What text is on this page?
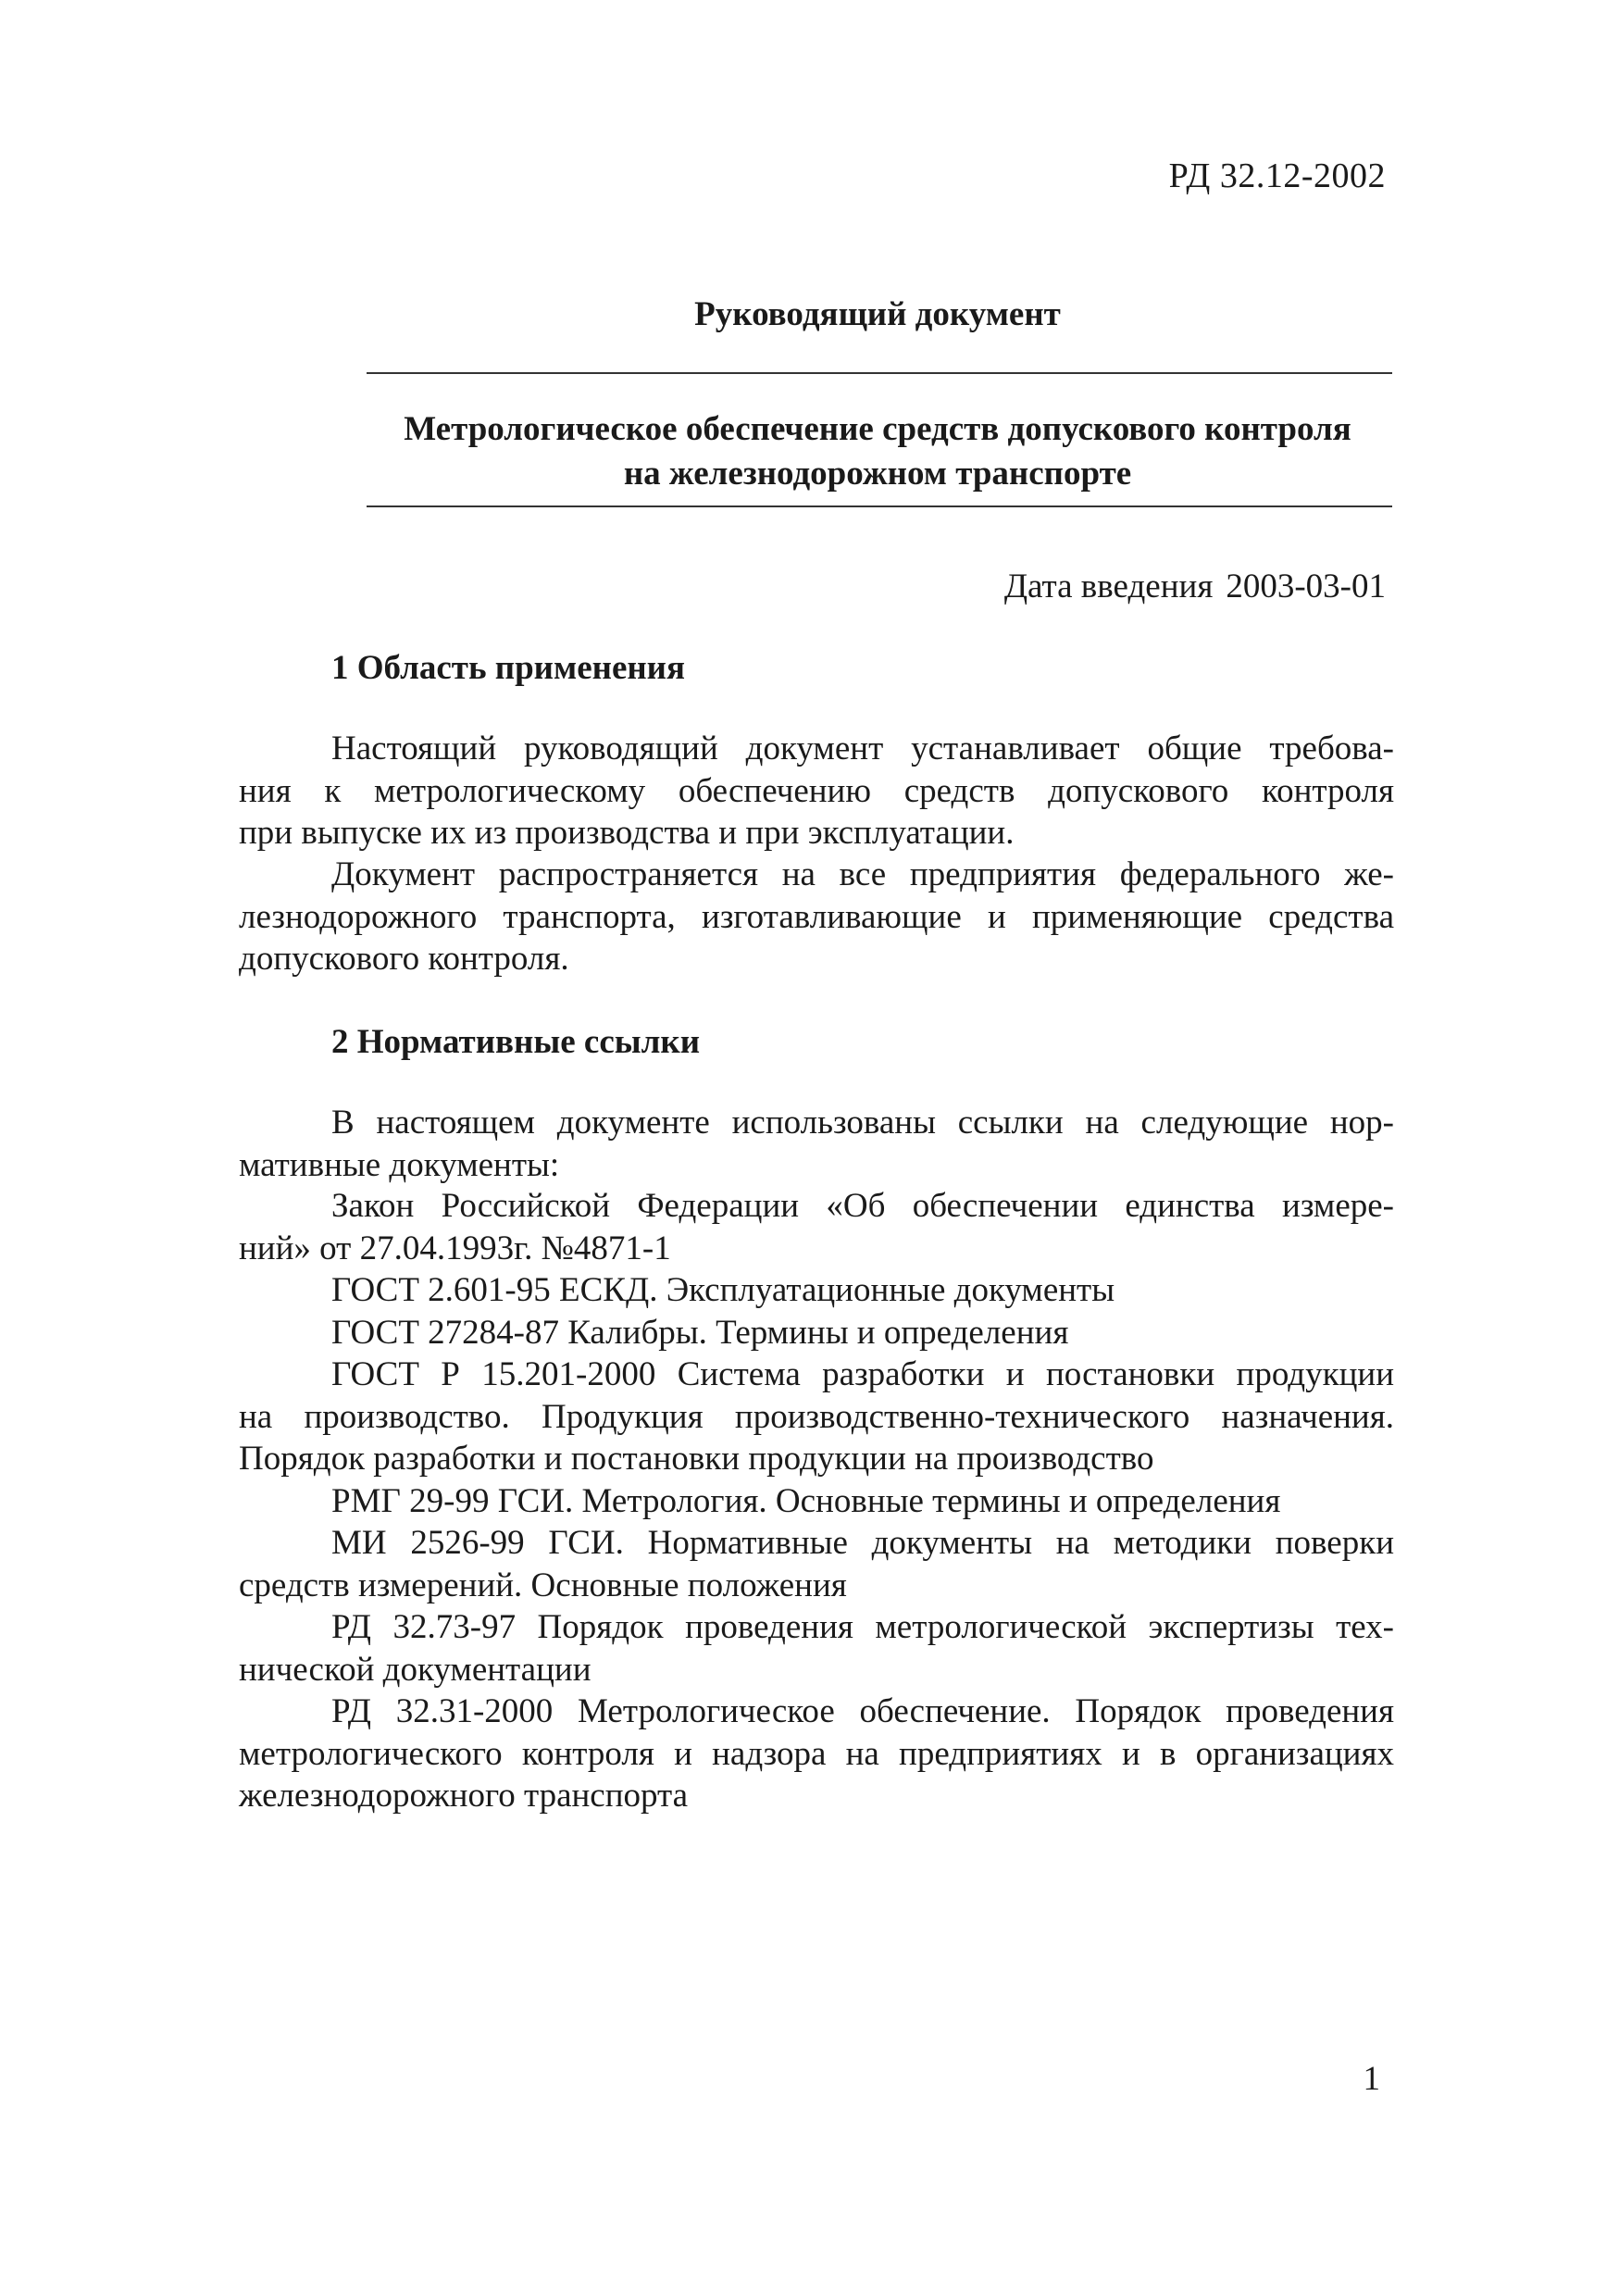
РД 32.12-2002
Руководящий документ
Метрологическое обеспечение средств допускового контроля
на железнодорожном транспорте
Дата введения 2003-03-01
1 Область применения
Настоящий руководящий документ устанавливает общие требова-
ния к метрологическому обеспечению средств допускового контроля
при выпуске их из производства и при эксплуатации.
Документ распространяется на все предприятия федерального же-
лезнодорожного транспорта, изготавливающие и применяющие средства
допускового контроля.
2 Нормативные ссылки
В настоящем документе использованы ссылки на следующие нор-
мативные документы:
Закон Российской Федерации «Об обеспечении единства измере-
ний» от 27.04.1993г. №4871-1
ГОСТ 2.601-95 ЕСКД. Эксплуатационные документы
ГОСТ 27284-87 Калибры. Термины и определения
ГОСТ Р 15.201-2000 Система разработки и постановки продукции
на производство. Продукция производственно-технического назначения.
Порядок разработки и постановки продукции на производство
РМГ 29-99 ГСИ. Метрология. Основные термины и определения
МИ 2526-99 ГСИ. Нормативные документы на методики поверки
средств измерений. Основные положения
РД 32.73-97 Порядок проведения метрологической экспертизы тех-
нической документации
РД 32.31-2000 Метрологическое обеспечение. Порядок проведения
метрологического контроля и надзора на предприятиях и в организациях
железнодорожного транспорта
1
